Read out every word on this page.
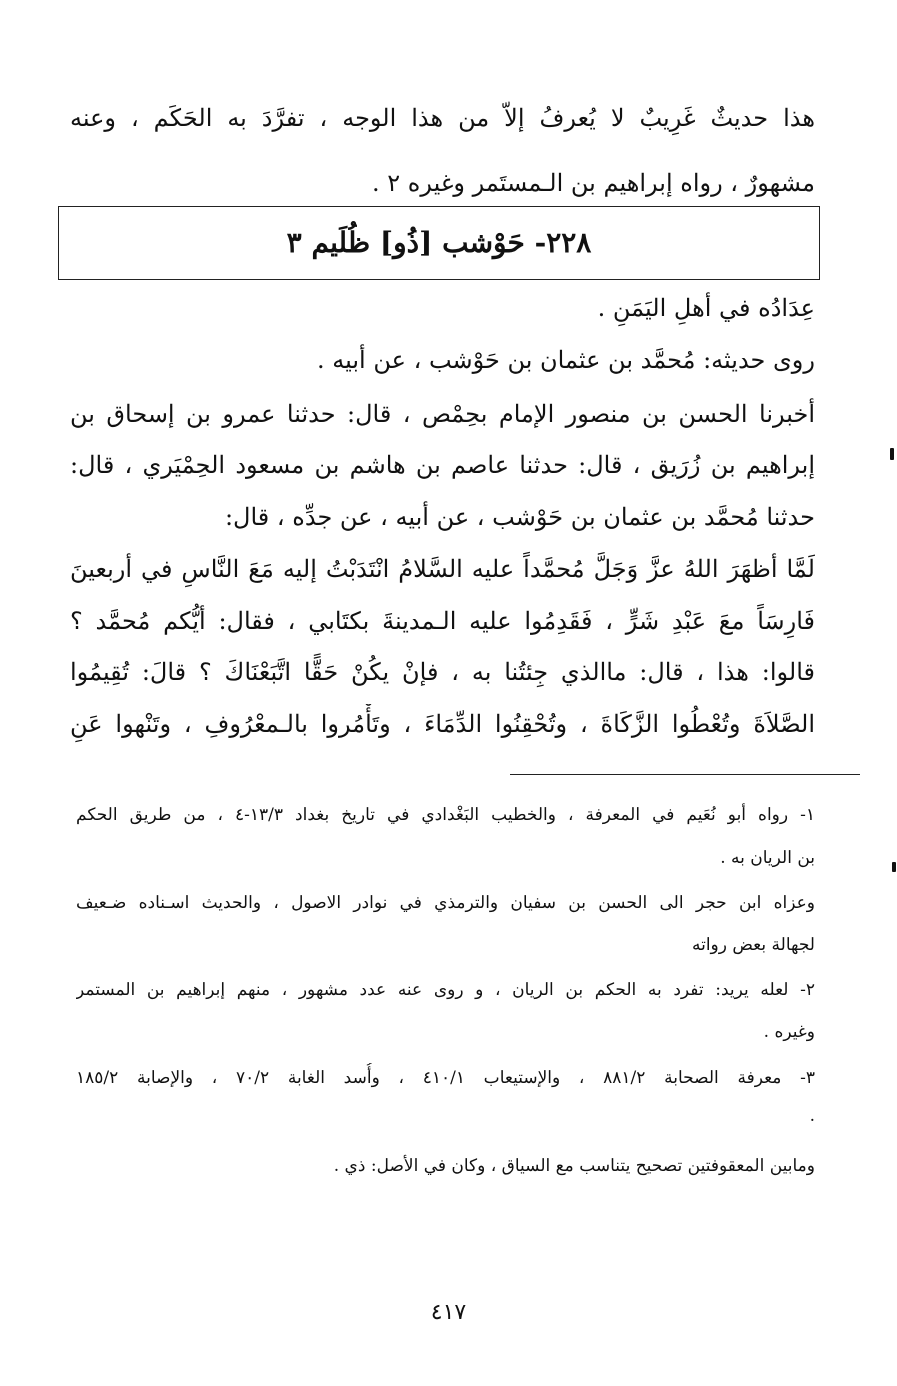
هذا حديثٌ غَرِيبٌ لا يُعرفُ إلاّ من هذا الوجه ، تفرَّدَ به الحَكَم ، وعنه
مشهورٌ ، رواه إبراهيم بن الـمستَمر وغيره ٢ .
٢٢٨- حَوْشب [ذُو] ظُلَيم ٣
عِدَادُه في أهلِ اليَمَنِ .
روى حديثه: مُحمَّد بن عثمان بن حَوْشب ، عن أبيه .
أخبرنا الحسن بن منصور الإمام بحِمْص ، قال: حدثنا عمرو بن إسحاق بن
إبراهيم بن زُرَيق ، قال: حدثنا عاصم بن هاشم بن مسعود الحِمْيَري ، قال:
حدثنا مُحمَّد بن عثمان بن حَوْشب ، عن أبيه ، عن جدِّه ، قال:
لَمَّا أظهَرَ اللهُ عزَّ وَجَلَّ مُحمَّداً عليه السَّلامُ انْتَدَبْتُ إليه مَعَ النَّاسِ في أربعينَ
فَارِسَاً معَ عَبْدِ شَرٍّ ، فَقَدِمُوا عليه الـمدينةَ بكتَابي ، فقال: أيُّكم مُحمَّد ؟
قالوا: هذا ، قال: ماالذي جِئتُنا به ، فإنْ يكُنْ حَقًّا اتَّبَعْنَاكَ ؟ قالَ: تُقِيمُوا
الصَّلاَةَ وتُعْطُوا الزَّكَاةَ ، وتُحْقِنُوا الدِّمَاءَ ، وتَأْمُروا بالـمعْرُوفِ ، وتَنْهوا عَنِ
١- رواه أبو نُعَيم في المعرفة ، والخطيب البَغْدادي في تاريخ بغداد ١٣/٣-٤ ، من طريق الحكم
بن الريان به .
وعزاه ابن حجر الى الحسن بن سفيان والترمذي في نوادر الاصول ، والحديث اسـناده ضـعيف
لجهالة بعض رواته
٢- لعله يريد: تفرد به الحكم بن الريان ، و روى عنه عدد مشهور ، منهم إبراهيم بن المستمر
وغيره .
٣- معرفة الصحابة ٨٨١/٢ ، والإستيعاب ٤١٠/١ ، وأُسد الغابة ٧٠/٢ ، والإصابة ١٨٥/٢
.
ومابين المعقوفتين تصحيح يتناسب مع السياق ، وكان في الأصل: ذي .
٤١٧
